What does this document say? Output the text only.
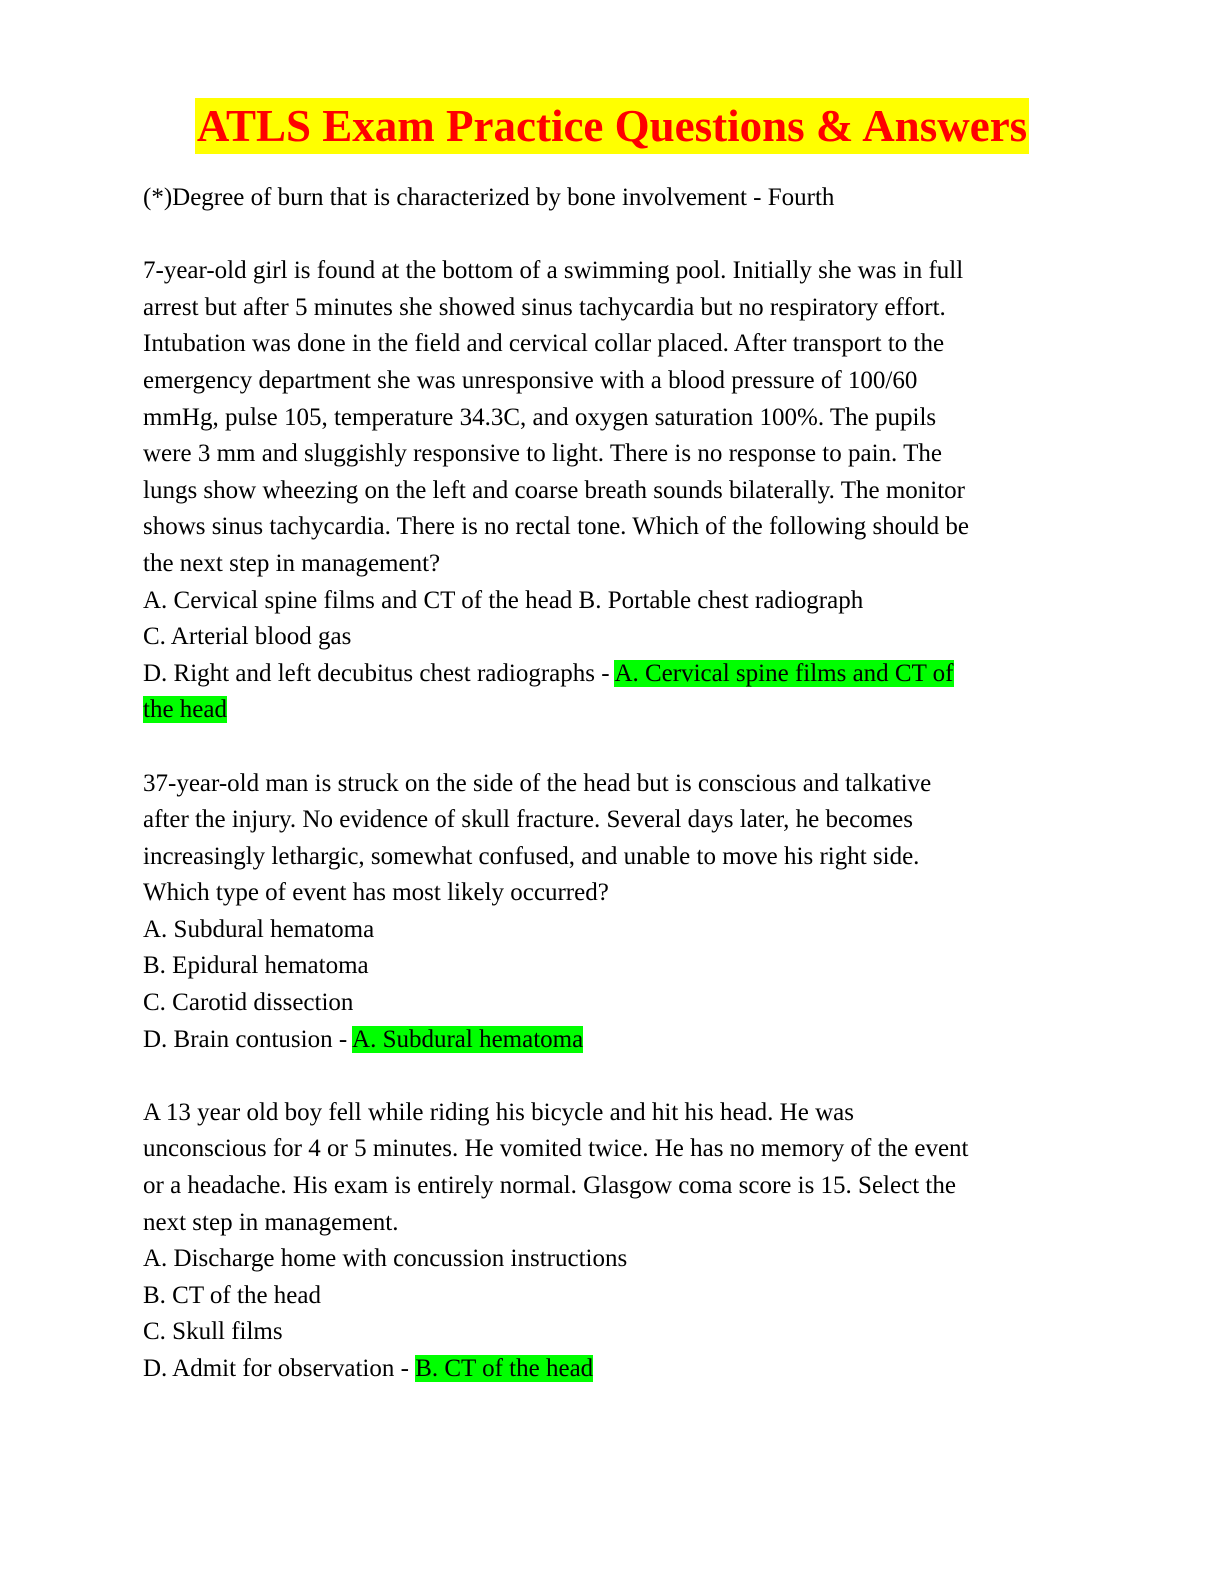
ATLS Exam Practice Questions & Answers
(*)Degree of burn that is characterized by bone involvement - Fourth
7-year-old girl is found at the bottom of a swimming pool. Initially she was in full
arrest but after 5 minutes she showed sinus tachycardia but no respiratory effort.
Intubation was done in the field and cervical collar placed. After transport to the
emergency department she was unresponsive with a blood pressure of 100/60
mmHg, pulse 105, temperature 34.3C, and oxygen saturation 100%. The pupils
were 3 mm and sluggishly responsive to light. There is no response to pain. The
lungs show wheezing on the left and coarse breath sounds bilaterally. The monitor
shows sinus tachycardia. There is no rectal tone. Which of the following should be
the next step in management?
A. Cervical spine films and CT of the head B. Portable chest radiograph
C. Arterial blood gas
D. Right and left decubitus chest radiographs - A. Cervical spine films and CT of
the head
37-year-old man is struck on the side of the head but is conscious and talkative
after the injury. No evidence of skull fracture. Several days later, he becomes
increasingly lethargic, somewhat confused, and unable to move his right side.
Which type of event has most likely occurred?
A. Subdural hematoma
B. Epidural hematoma
C. Carotid dissection
D. Brain contusion - A. Subdural hematoma
A 13 year old boy fell while riding his bicycle and hit his head. He was
unconscious for 4 or 5 minutes. He vomited twice. He has no memory of the event
or a headache. His exam is entirely normal. Glasgow coma score is 15. Select the
next step in management.
A. Discharge home with concussion instructions
B. CT of the head
C. Skull films
D. Admit for observation - B. CT of the head
